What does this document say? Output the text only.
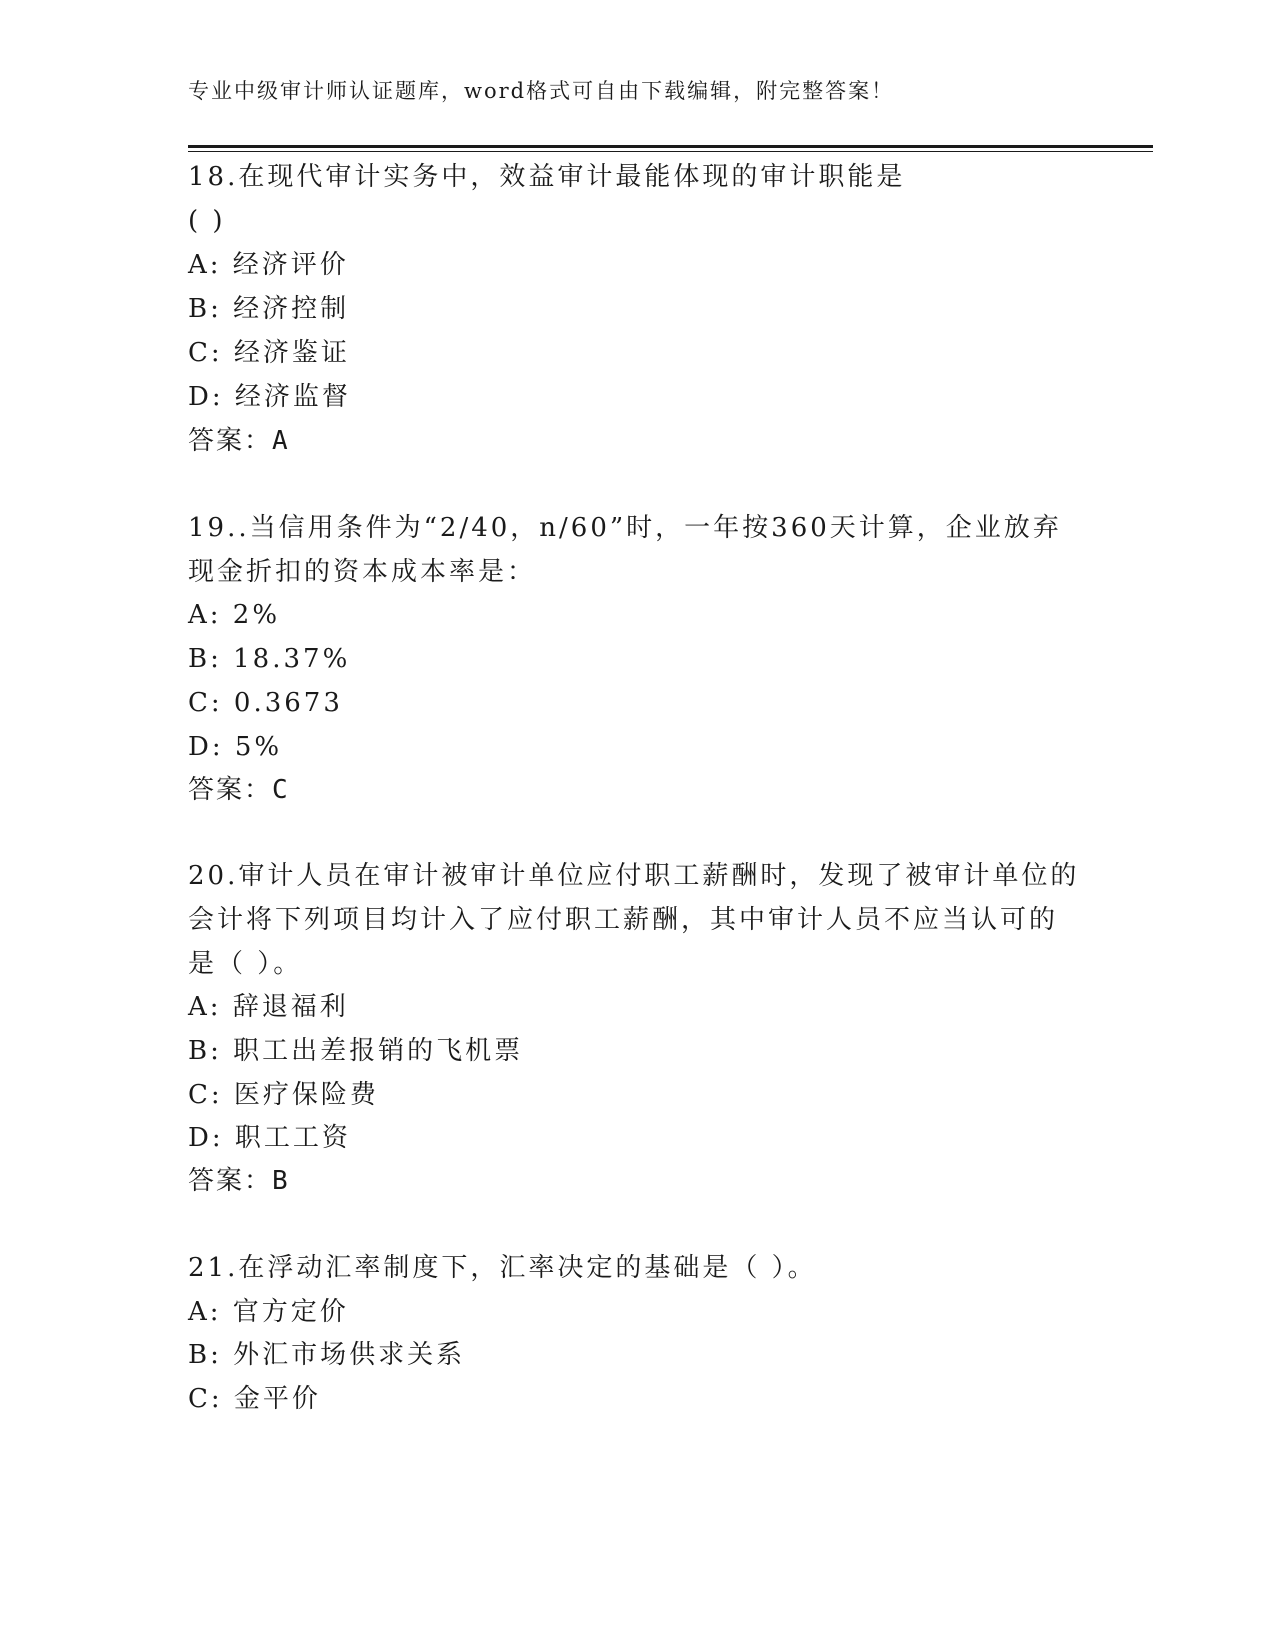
专业中级审计师认证题库，word格式可自由下载编辑，附完整答案！
18.在现代审计实务中，效益审计最能体现的审计职能是
( )
A: 经济评价
B: 经济控制
C: 经济鉴证
D: 经济监督
答案：A
19..当信用条件为“2/40，n/60”时，一年按360天计算，企业放弃
现金折扣的资本成本率是：
A: 2%
B: 18.37%
C: 0.3673
D: 5%
答案：C
20.审计人员在审计被审计单位应付职工薪酬时，发现了被审计单位的
会计将下列项目均计入了应付职工薪酬，其中审计人员不应当认可的
是（ ）。
A: 辞退福利
B: 职工出差报销的飞机票
C: 医疗保险费
D: 职工工资
答案：B
21.在浮动汇率制度下，汇率决定的基础是（ ）。
A: 官方定价
B: 外汇市场供求关系
C: 金平价
